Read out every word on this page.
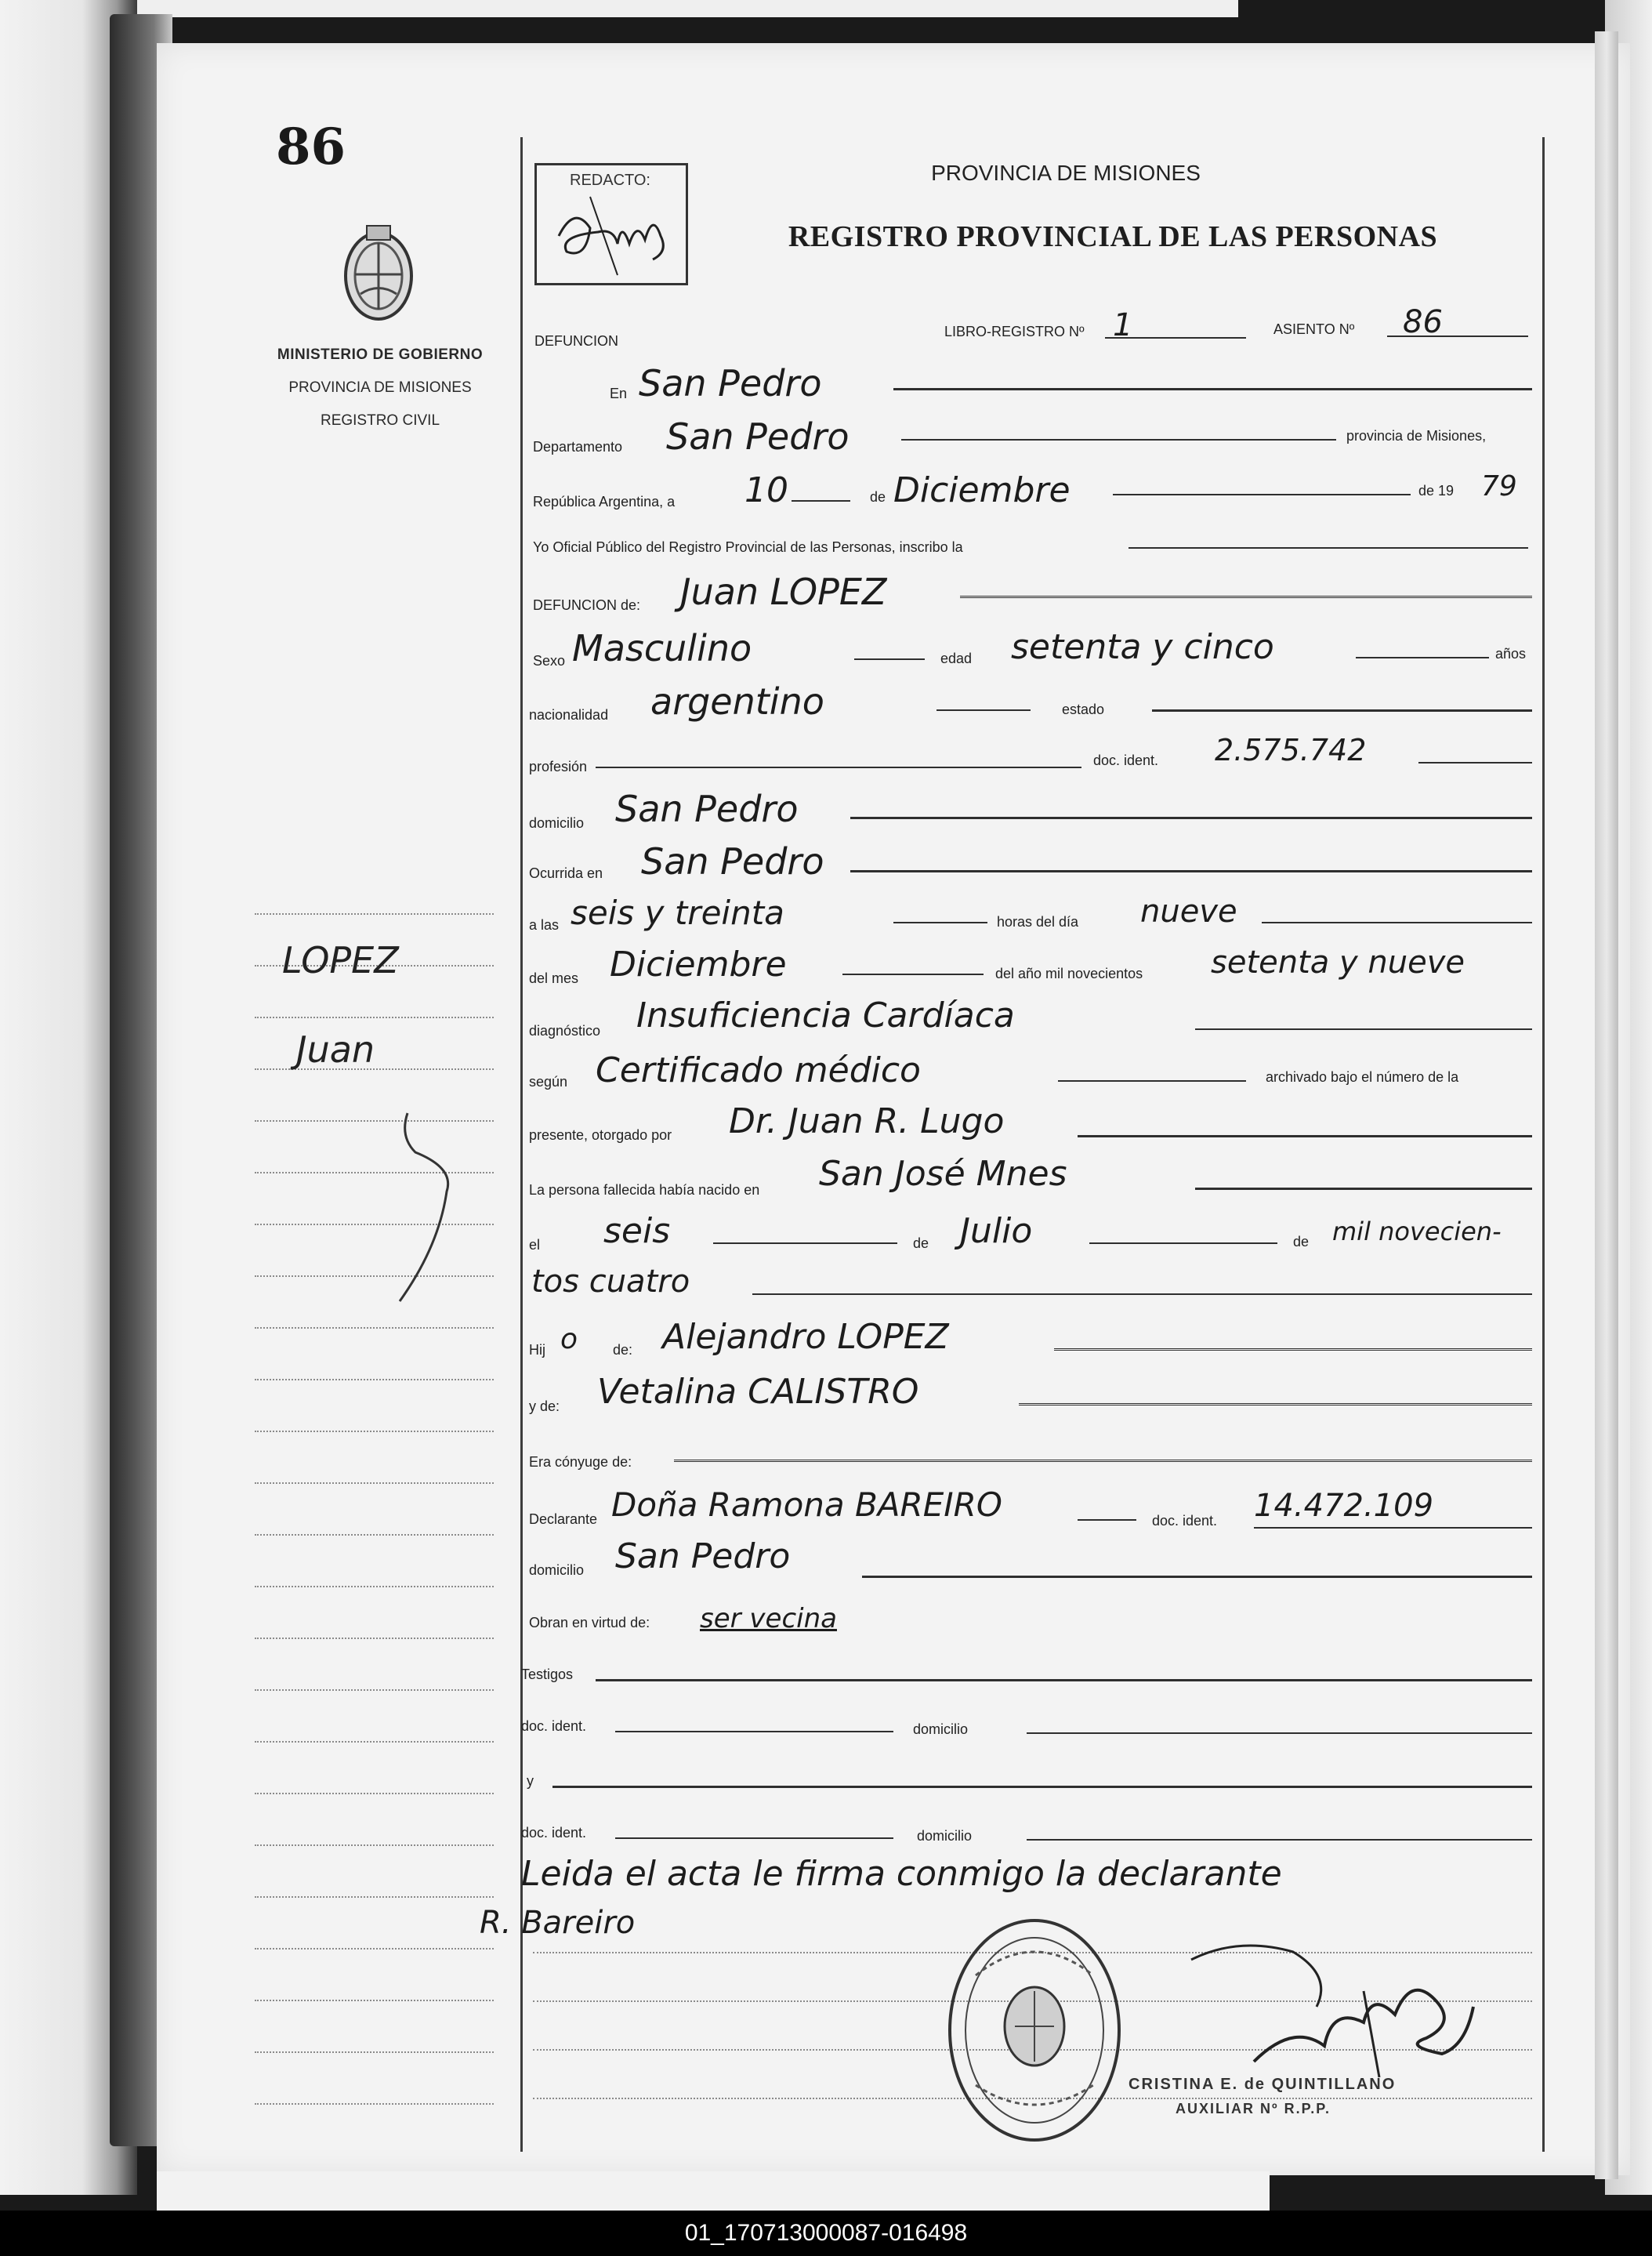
86
MINISTERIO DE GOBIERNO
PROVINCIA DE MISIONES
REGISTRO CIVIL
LOPEZ
Juan
REDACTO:	PROVINCIA DE MISIONES
REGISTRO PROVINCIAL DE LAS PERSONAS
DEFUNCION
LIBRO-REGISTRO Nº 1	ASIENTO Nº 86
En San Pedro
Departamento San Pedro	provincia de Misiones,
República Argentina, a 10	de Diciembre	de 19 79
Yo Oficial Público del Registro Provincial de las Personas, inscribo la
DEFUNCION de: Juan LOPEZ
Sexo Masculino	edad setenta y cinco	años
nacionalidad argentino	estado
profesión	doc. ident. 2.575.742
domicilio San Pedro
Ocurrida en San Pedro
a las seis y treinta	horas del día nueve
del mes Diciembre	del año mil novecientos setenta y nueve
diagnóstico Insuficiencia Cardíaca
según Certificado médico	archivado bajo el número de la
presente, otorgado por Dr. Juan R. Lugo
La persona fallecida había nacido en San José Mnes
el seis	de Julio	de mil novecien-
tos cuatro
Hij o de: Alejandro LOPEZ
y de: Vetalina CALISTRO
Era cónyuge de:
Declarante Doña Ramona BAREIRO	doc. ident. 14.472.109
domicilio San Pedro
Obran en virtud de: ser vecina
Testigos
doc. ident.	domicilio
y
doc. ident.	domicilio
Leida el acta le firma conmigo la declarante
R. Bareiro
CRISTINA E. de QUINTILLANO
AUXILIAR Nº R.P.P.
01_170713000087-016498
